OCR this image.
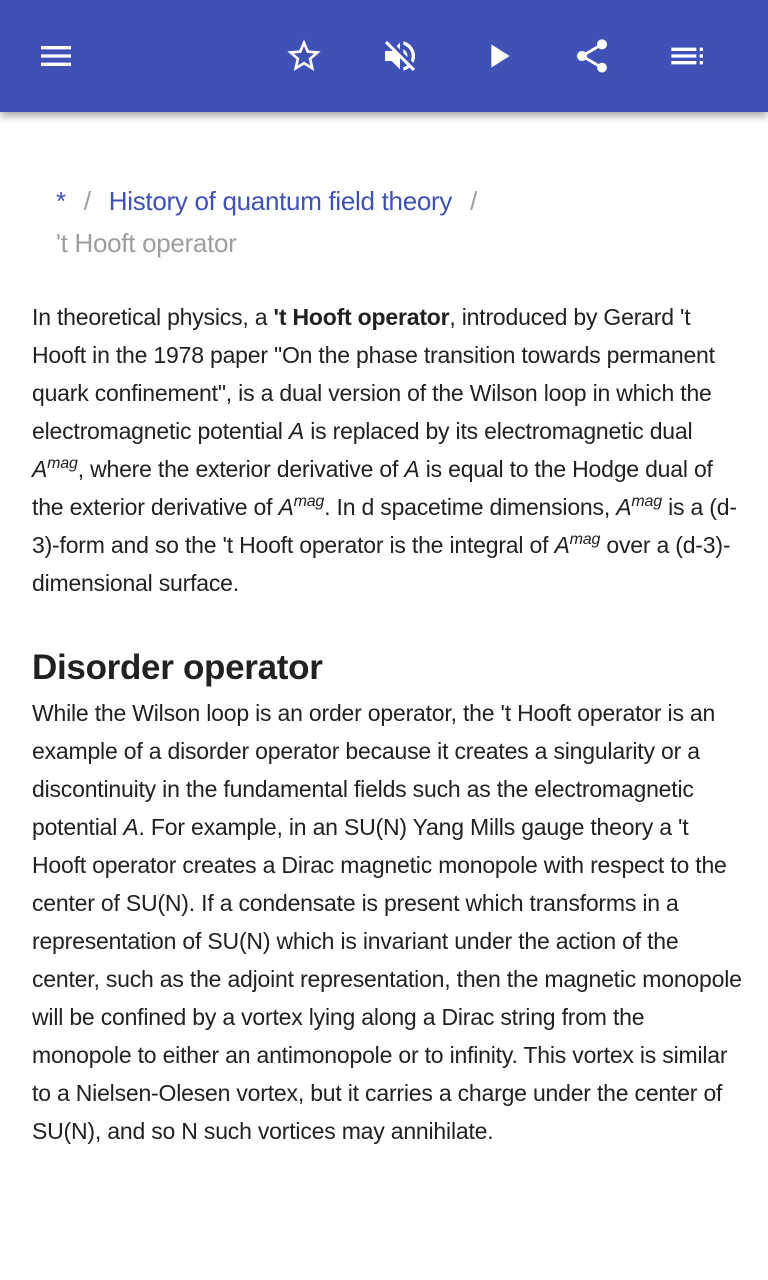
* / History of quantum field theory /
't Hooft operator

In theoretical physics, a 't Hooft operator, introduced by Gerard 't Hooft in the 1978 paper "On the phase transition towards permanent quark confinement", is a dual version of the Wilson loop in which the electromagnetic potential A is replaced by its electromagnetic dual $A^{mag}$, where the exterior derivative of A is equal to the Hodge dual of the exterior derivative of $A^{mag}$. In d spacetime dimensions, $A^{mag}$ is a (d-3)-form and so the 't Hooft operator is the integral of $A^{mag}$ over a (d-3)-dimensional surface.

Disorder operator

While the Wilson loop is an order operator, the 't Hooft operator is an example of a disorder operator because it creates a singularity or a discontinuity in the fundamental fields such as the electromagnetic potential A. For example, in an SU(N) Yang Mills gauge theory a 't Hooft operator creates a Dirac magnetic monopole with respect to the center of SU(N). If a condensate is present which transforms in a representation of SU(N) which is invariant under the action of the center, such as the adjoint representation, then the magnetic monopole will be confined by a vortex lying along a Dirac string from the monopole to either an antimonopole or to infinity. This vortex is similar to a Nielsen-Olesen vortex, but it carries a charge under the center of SU(N), and so N such vortices may annihilate.
